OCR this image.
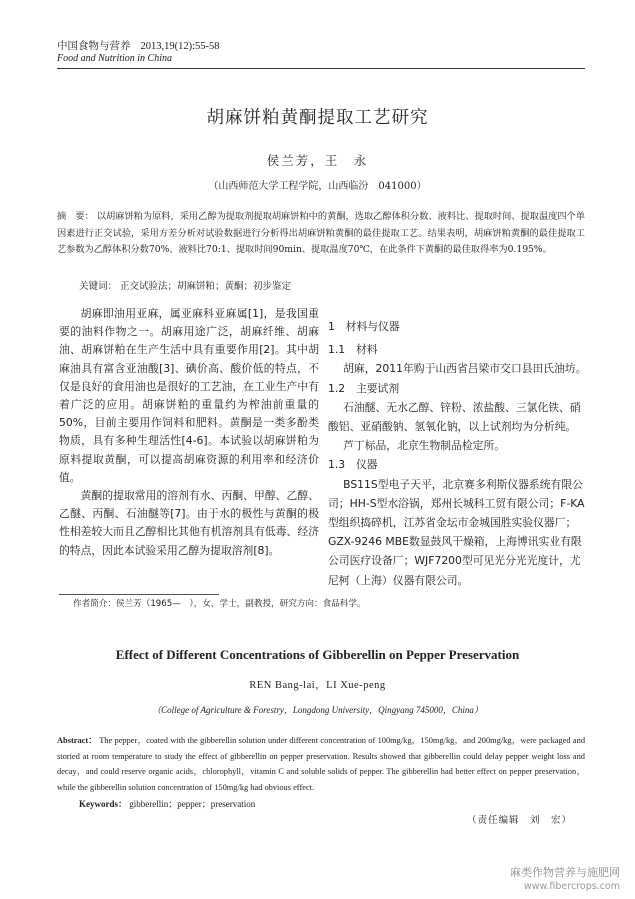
中国食物与营养 2013,19(12):55-58
Food and Nutrition in China
胡麻饼粕黄酮提取工艺研究
侯兰芳，王　永
（山西师范大学工程学院，山西临汾　041000）
摘　要： 以胡麻饼粕为原料，采用乙醇为提取剂提取胡麻饼粕中的黄酮，选取乙醇体积分数、液料比、提取时间、提取温度四个单因素进行正交试验，采用方差分析对试验数据进行分析得出胡麻饼粕黄酮的最佳提取工艺。结果表明，胡麻饼粕黄酮的最佳提取工艺参数为乙醇体积分数70%、液料比70:1、提取时间90min、提取温度70℃，在此条件下黄酮的最佳取得率为0.195%。
关键词： 正交试验法；胡麻饼粕；黄酮；初步鉴定

胡麻即油用亚麻，属亚麻科亚麻属[1]，是我国重要的油料作物之一。胡麻用途广泛，胡麻纤维、胡麻油、胡麻饼粕在生产生活中具有重要作用[2]。其中胡麻油具有富含亚油酸[3]、碘价高、酸价低的特点，不仅是良好的食用油也是很好的工艺油，在工业生产中有着广泛的应用。胡麻饼粕的重量约为榨油前重量的50%，目前主要用作饲料和肥料。黄酮是一类多酚类物质，具有多种生理活性[4-6]。本试验以胡麻饼粕为原料提取黄酮，可以提高胡麻资源的利用率和经济价值。

黄酮的提取常用的溶剂有水、丙酮、甲醇、乙醇、乙醚、丙酮、石油醚等[7]。由于水的极性与黄酮的极性相差较大而且乙醇相比其他有机溶剂具有低毒、经济的特点，因此本试验采用乙醇为提取溶剂[8]。

1　材料与仪器

1.1　材料

胡麻，2011年购于山西省吕梁市交口县田氏油坊。

1.2　主要试剂

石油醚、无水乙醇、锌粉、浓盐酸、三氯化铁、硝酸铝、亚硝酸钠、氢氧化钠，以上试剂均为分析纯。

芦丁标品，北京生物制品检定所。

1.3　仪器

BS11S型电子天平，北京赛多利斯仪器系统有限公司；HH-S型水浴锅，郑州长城科工贸有限公司；F-KA型组织捣碎机，江苏省金坛市金城国胜实验仪器厂；GZX-9246 MBE数显鼓风干燥箱，上海博讯实业有限公司医疗设备厂；WJF7200型可见光分光光度计，尤尼柯（上海）仪器有限公司。

作者简介：侯兰芳（1965—　），女，学士，副教授，研究方向：食品科学。
Effect of Different Concentrations of Gibberellin on Pepper Preservation
REN Bang-lai，LI Xue-peng
（College of Agriculture & Forestry，Longdong University，Qingyang 745000，China）
Abstract： The pepper，coated with the gibberellin solution under different concentration of 100mg/kg，150mg/kg，and 200mg/kg，were packaged and storied at room temperature to study the effect of gibberellin on pepper preservation. Results showed that gibberellin could delay pepper weight loss and decay，and could reserve organic acids，chlorophyll，vitamin C and soluble solids of pepper. The gibberellin had better effect on pepper preservation，while the gibberellin solution concentration of 150mg/kg had obvious effect.
Keywords： gibberellin；pepper；preservation
（责任编辑　刘　宏）
麻类作物营养与施肥网
www.fibercrops.com
